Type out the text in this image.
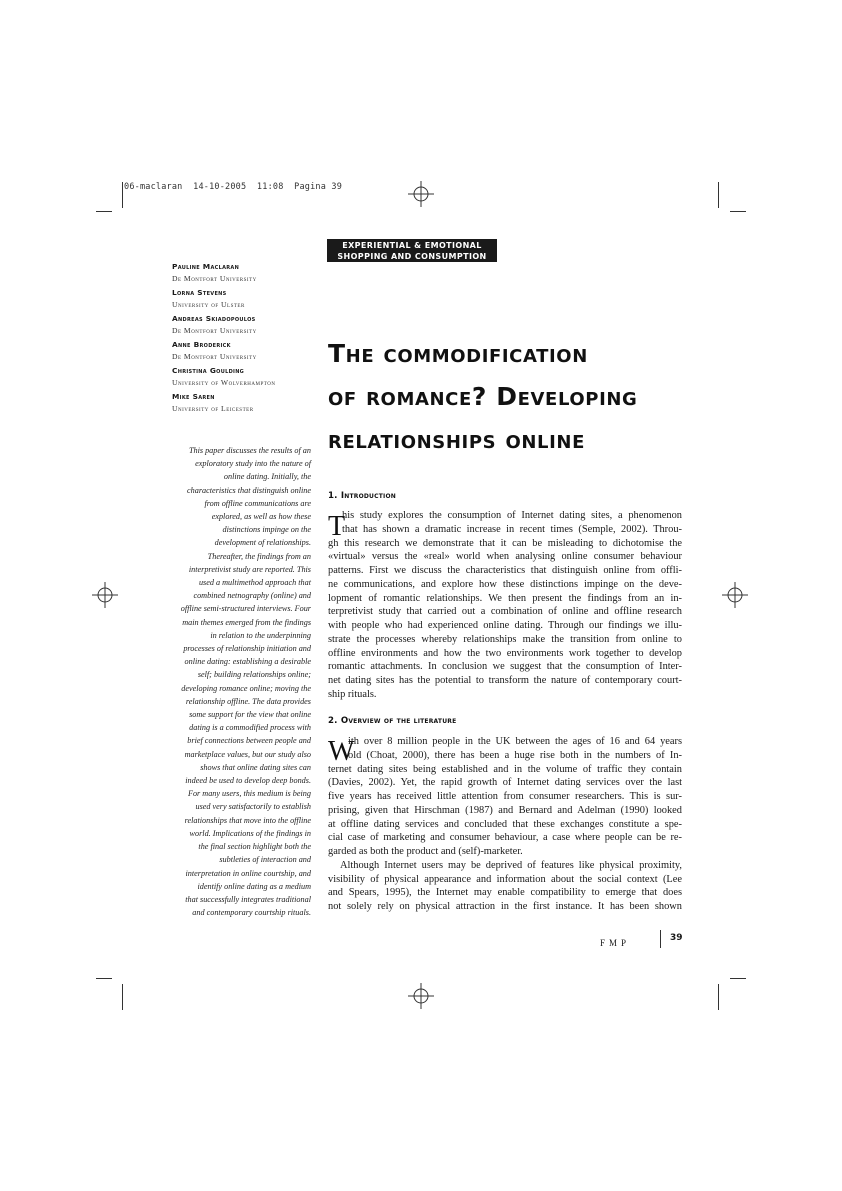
06-maclaran  14-10-2005  11:08  Pagina 39
EXPERIENTIAL & EMOTIONAL
SHOPPING AND CONSUMPTION
Pauline Maclaran
De Montfort University
Lorna Stevens
University of Ulster
Andreas Skiadopoulos
De Montfort University
Anne Broderick
De Montfort University
Christina Goulding
University of Wolverhampton
Mike Saren
University of Leicester
The commodification
of romance? Developing
relationships online
This paper discusses the results of an
exploratory study into the nature of
online dating. Initially, the
characteristics that distinguish online
from offline communications are
explored, as well as how these
distinctions impinge on the
development of relationships.
Thereafter, the findings from an
interpretivist study are reported. This
used a multimethod approach that
combined netnography (online) and
offline semi-structured interviews. Four
main themes emerged from the findings
in relation to the underpinning
processes of relationship initiation and
online dating: establishing a desirable
self; building relationships online;
developing romance online; moving the
relationship offline. The data provides
some support for the view that online
dating is a commodified process with
brief connections between people and
marketplace values, but our study also
shows that online dating sites can
indeed be used to develop deep bonds.
For many users, this medium is being
used very satisfactorily to establish
relationships that move into the offline
world. Implications of the findings in
the final section highlight both the
subtleties of interaction and
interpretation in online courtship, and
identify online dating as a medium
that successfully integrates traditional
and contemporary courtship rituals.
1. Introduction
T
his study explores the consumption of Internet dating sites, a phenomenon
that has shown a dramatic increase in recent times (Semple, 2002). Throu-
gh this research we demonstrate that it can be misleading to dichotomise the
«virtual» versus the «real» world when analysing online consumer behaviour
patterns. First we discuss the characteristics that distinguish online from offli-
ne communications, and explore how these distinctions impinge on the deve-
lopment of romantic relationships. We then present the findings from an in-
terpretivist study that carried out a combination of online and offline research
with people who had experienced online dating. Through our findings we illu-
strate the processes whereby relationships make the transition from online to
offline environments and how the two environments work together to develop
romantic attachments. In conclusion we suggest that the consumption of Inter-
net dating sites has the potential to transform the nature of contemporary court-
ship rituals.
2. Overview of the literature
W
ith over 8 million people in the UK between the ages of 16 and 64 years
old (Choat, 2000), there has been a huge rise both in the numbers of In-
ternet dating sites being established and in the volume of traffic they contain
(Davies, 2002). Yet, the rapid growth of Internet dating services over the last
five years has received little attention from consumer researchers. This is sur-
prising, given that Hirschman (1987) and Bernard and Adelman (1990) looked
at offline dating services and concluded that these exchanges constitute a spe-
cial case of marketing and consumer behaviour, a case where people can be re-
garded as both the product and (self)-marketer.
Although Internet users may be deprived of features like physical proximity,
visibility of physical appearance and information about the social context (Lee
and Spears, 1995), the Internet may enable compatibility to emerge that does
not solely rely on physical attraction in the first instance. It has been shown
FMP	39
